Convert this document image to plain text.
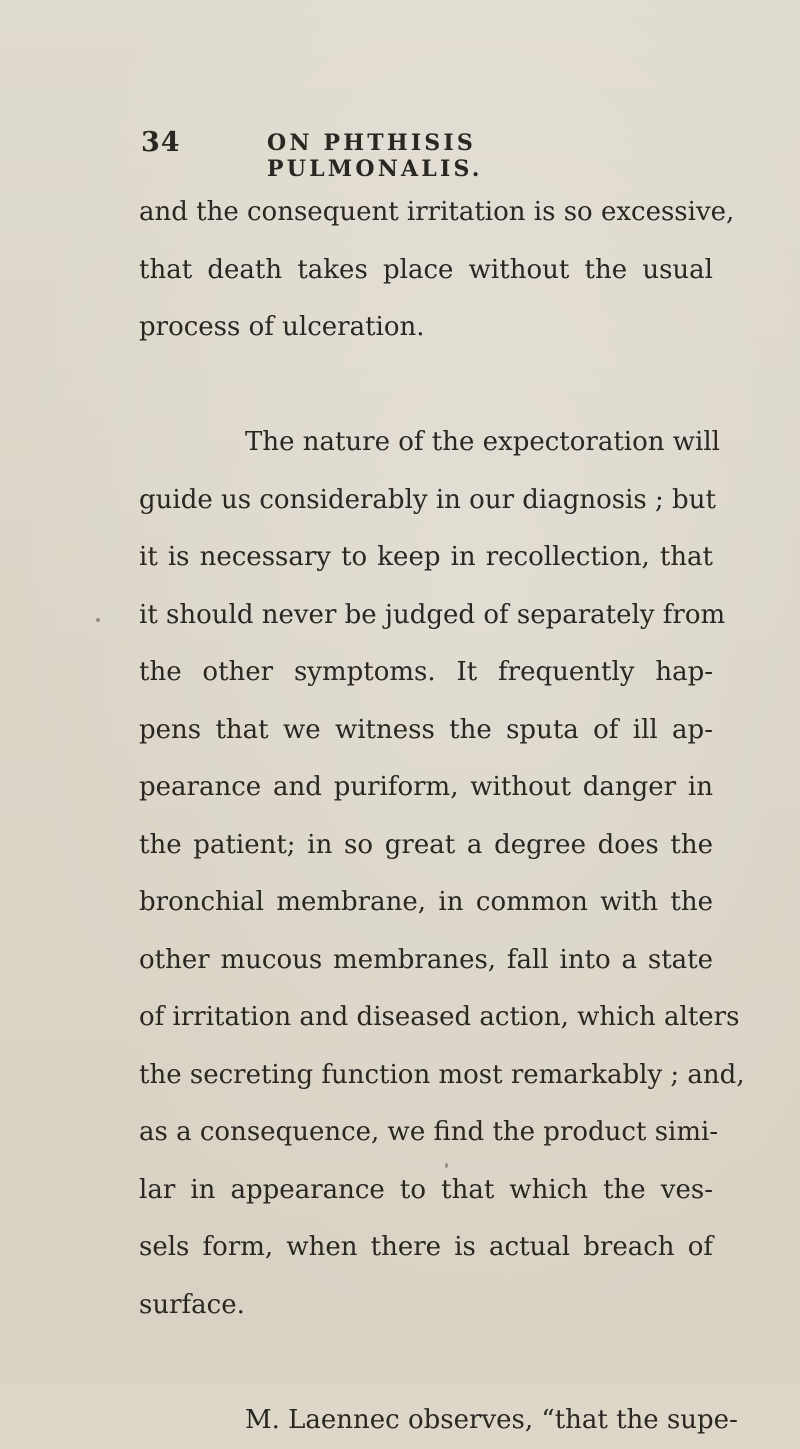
34	ON PHTHISIS PULMONALIS.
and the consequent irritation is so excessive,
that death takes place without the usual
process of ulceration.
The nature of the expectoration will
guide us considerably in our diagnosis ; but
it is necessary to keep in recollection, that
it should never be judged of separately from
the other symptoms. It frequently hap-
pens that we witness the sputa of ill ap-
pearance and puriform, without danger in
the patient; in so great a degree does the
bronchial membrane, in common with the
other mucous membranes, fall into a state
of irritation and diseased action, which alters
the secreting function most remarkably ; and,
as a consequence, we find the product simi-
lar in appearance to that which the ves-
sels form, when there is actual breach of
surface.
M. Laennec observes, “that the supe-
